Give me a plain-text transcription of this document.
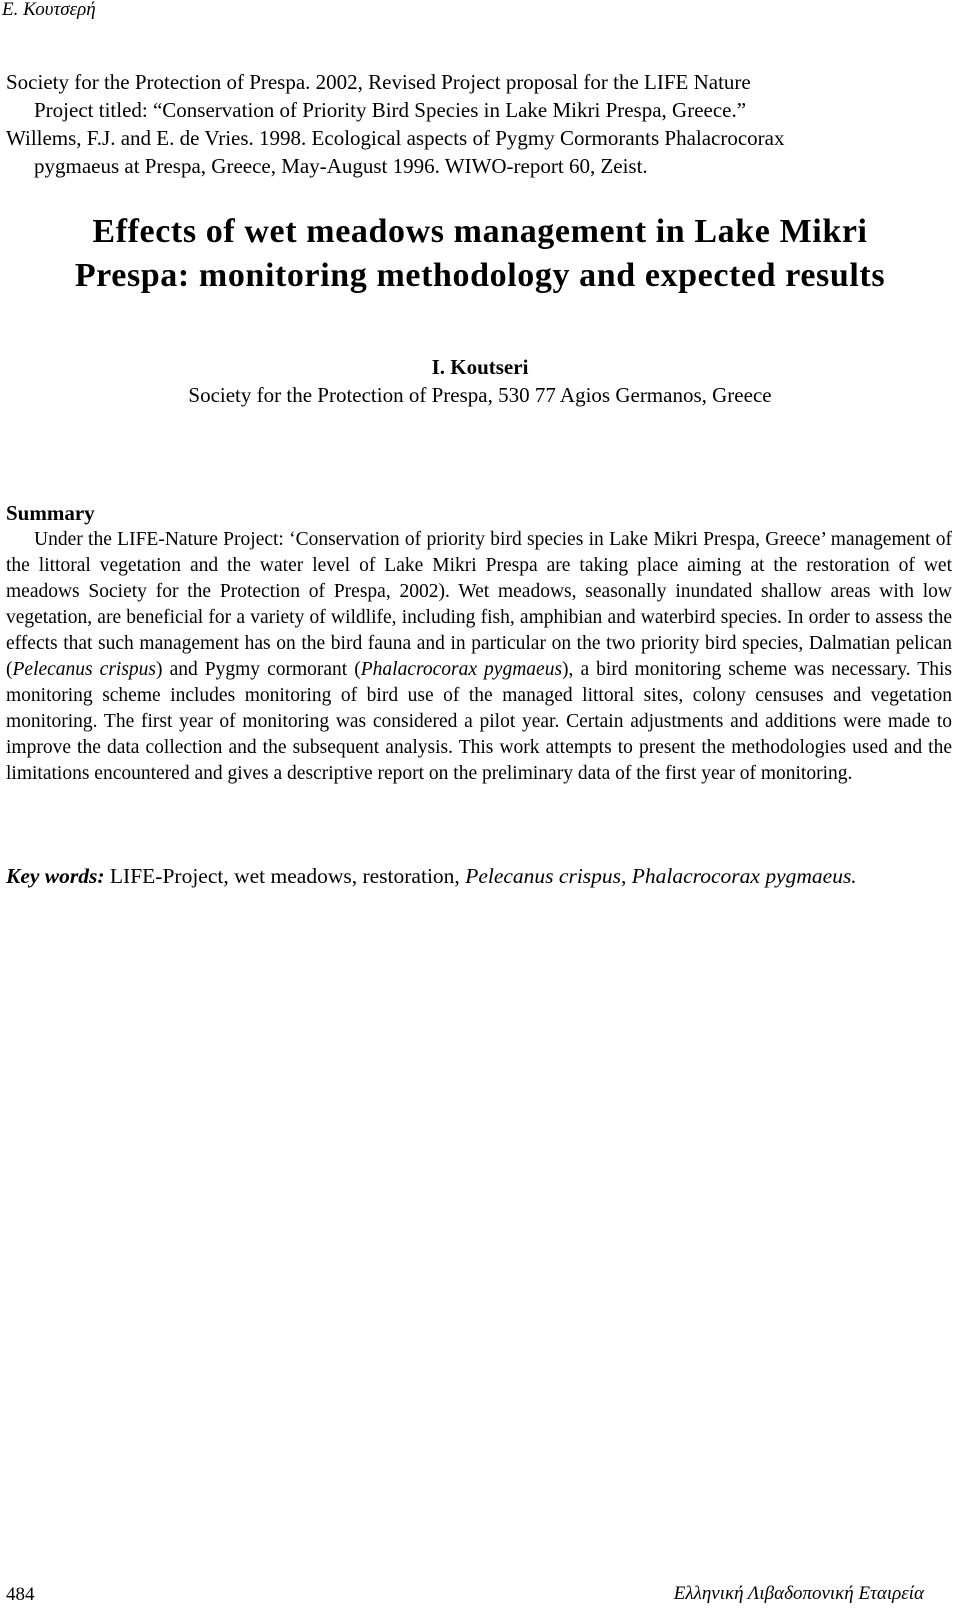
Ε. Κουτσερή

Society for the Protection of Prespa. 2002, Revised Project proposal for the LIFE Nature
Project titled: “Conservation of Priority Bird Species in Lake Mikri Prespa, Greece.”

Willems, F.J. and E. de Vries. 1998. Ecological aspects of Pygmy Cormorants Phalacrocorax
pygmaeus at Prespa, Greece, May-August 1996. WIWO-report 60, Zeist.

Effects of wet meadows management in Lake Mikri
Prespa: monitoring methodology and expected results
I. Koutseri
Society for the Protection of Prespa, 530 77 Agios Germanos, Greece
Summary

Under the LIFE-Nature Project: ‘Conservation of priority bird species in Lake Mikri Prespa, Greece’ management of the littoral vegetation and the water level of Lake Mikri Prespa are taking place aiming at the restoration of wet meadows Society for the Protection of Prespa, 2002). Wet meadows, seasonally inundated shallow areas with low vegetation, are beneficial for a variety of wildlife, including fish, amphibian and waterbird species. In order to assess the effects that such management has on the bird fauna and in particular on the two priority bird species, Dalmatian pelican (Pelecanus crispus) and Pygmy cormorant (Phalacrocorax pygmaeus), a bird monitoring scheme was necessary. This monitoring scheme includes monitoring of bird use of the managed littoral sites, colony censuses and vegetation monitoring. The first year of monitoring was considered a pilot year. Certain adjustments and additions were made to improve the data collection and the subsequent analysis. This work attempts to present the methodologies used and the limitations encountered and gives a descriptive report on the preliminary data of the first year of monitoring.

Key words: LIFE-Project, wet meadows, restoration, Pelecanus crispus, Phalacrocorax pygmaeus.

484	Ελληνική Λιβαδοπονική Εταιρεία
